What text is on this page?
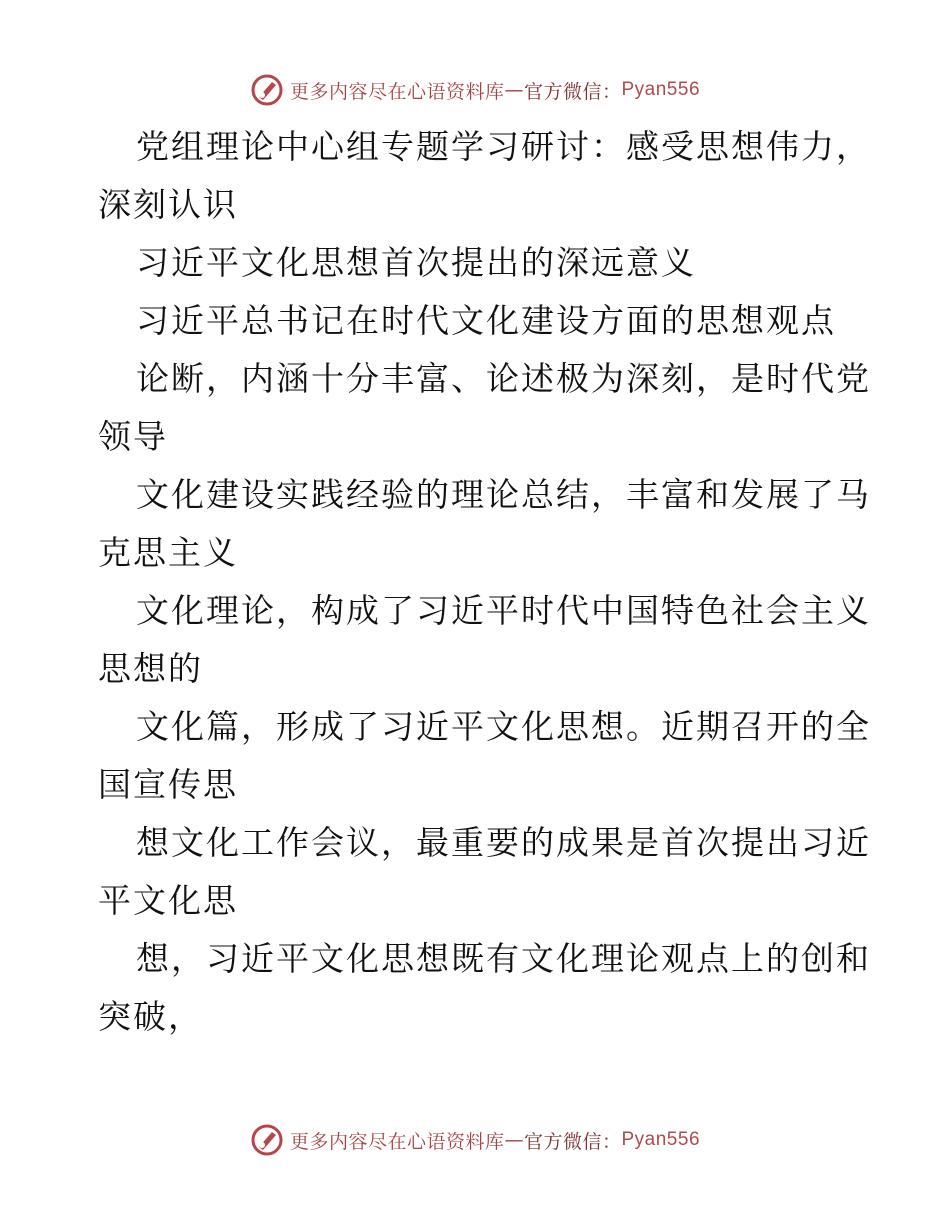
更多内容尽在心语资料库 — 官方微信： Pyan556
党组理论中心组专题学习研讨：感受思想伟力，
深刻认识
习近平文化思想首次提出的深远意义
习近平总书记在时代文化建设方面的思想观点
论断，内涵十分丰富、论述极为深刻，是时代党
领导
文化建设实践经验的理论总结，丰富和发展了马
克思主义
文化理论，构成了习近平时代中国特色社会主义
思想的
文化篇，形成了习近平文化思想。近期召开的全
国宣传思
想文化工作会议，最重要的成果是首次提出习近
平文化思
想，习近平文化思想既有文化理论观点上的创和
突破，
更多内容尽在心语资料库 — 官方微信： Pyan556
